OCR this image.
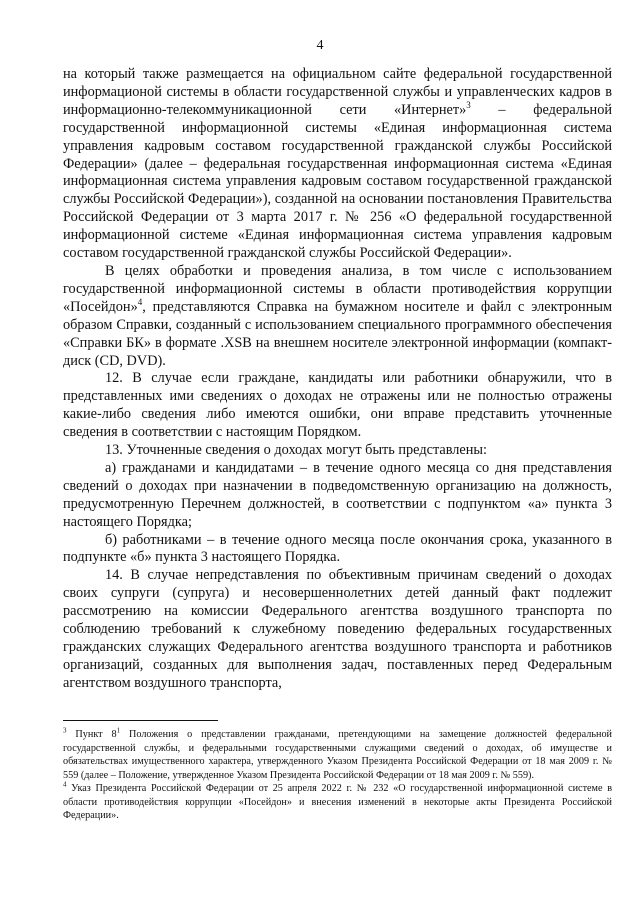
4

на который также размещается на официальном сайте федеральной государственной информационой системы в области государственной службы и управленческих кадров в информационно-телекоммуникационной сети «Интернет»$^3$ – федеральной государственной информационной системы «Единая информационная система управления кадровым составом государственной гражданской службы Российской Федерации» (далее – федеральная государственная информационная система «Единая информационная система управления кадровым составом государственной гражданской службы Российской Федерации»), созданной на основании постановления Правительства Российской Федерации от 3 марта 2017 г. № 256 «О федеральной государственной информационной системе «Единая информационная система управления кадровым составом государственной гражданской службы Российской Федерации».

В целях обработки и проведения анализа, в том числе с использованием государственной информационной системы в области противодействия коррупции «Посейдон»$^4$, представляются Справка на бумажном носителе и файл с электронным образом Справки, созданный с использованием специального программного обеспечения «Справки БК» в формате .XSB на внешнем носителе электронной информации (компакт-диск (CD, DVD).

12. В случае если граждане, кандидаты или работники обнаружили, что в представленных ими сведениях о доходах не отражены или не полностью отражены какие-либо сведения либо имеются ошибки, они вправе представить уточненные сведения в соответствии с настоящим Порядком.

13. Уточненные сведения о доходах могут быть представлены:

а) гражданами и кандидатами – в течение одного месяца со дня представления сведений о доходах при назначении в подведомственную организацию на должность, предусмотренную Перечнем должностей, в соответствии с подпунктом «а» пункта 3 настоящего Порядка;

б) работниками – в течение одного месяца после окончания срока, указанного в подпункте «б» пункта 3 настоящего Порядка.

14. В случае непредставления по объективным причинам сведений о доходах своих супруги (супруга) и несовершеннолетних детей данный факт подлежит рассмотрению на комиссии Федерального агентства воздушного транспорта по соблюдению требований к служебному поведению федеральных государственных гражданских служащих Федерального агентства воздушного транспорта и работников организаций, созданных для выполнения задач, поставленных перед Федеральным агентством воздушного транспорта,

$^3$ Пункт $8^1$ Положения о представлении гражданами, претендующими на замещение должностей федеральной государственной службы, и федеральными государственными служащими сведений о доходах, об имуществе и обязательствах имущественного характера, утвержденного Указом Президента Российской Федерации от 18 мая 2009 г. № 559 (далее – Положение, утвержденное Указом Президента Российской Федерации от 18 мая 2009 г. № 559).

$^4$ Указ Президента Российской Федерации от 25 апреля 2022 г. № 232 «О государственной информационной системе в области противодействия коррупции «Посейдон» и внесения изменений в некоторые акты Президента Российской Федерации».
